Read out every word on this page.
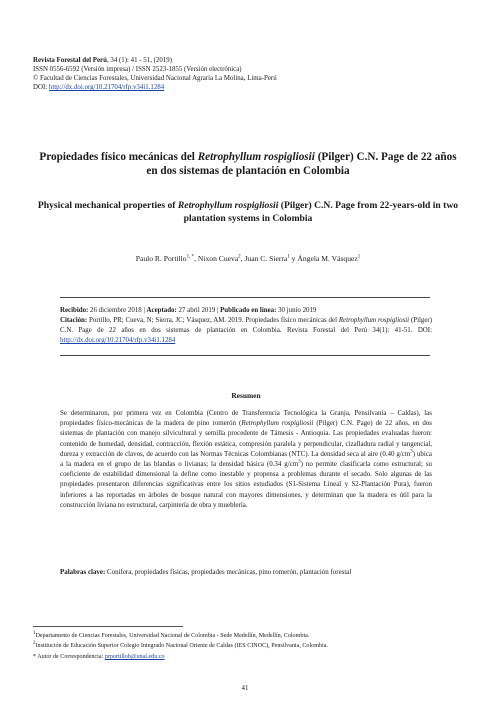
Revista Forestal del Perú, 34 (1): 41 - 51, (2019)
ISSN 0556-6592 (Versión impresa) / ISSN 2523-1855 (Versión electrónica)
© Facultad de Ciencias Forestales, Universidad Nacional Agraria La Molina, Lima-Perú
DOI: http://dx.doi.org/10.21704/rfp.v34i1.1284
Propiedades físico mecánicas del Retrophyllum rospigliosii (Pilger) C.N. Page de 22 años en dos sistemas de plantación en Colombia
Physical mechanical properties of Retrophyllum rospigliosii (Pilger) C.N. Page from 22-years-old in two plantation systems in Colombia
Paulo R. Portillo$^{1, *}$, Nixon Cueva$^2$, Juan C. Sierra$^1$ y Ángela M. Vásquez$^1$
Recibido: 26 diciembre 2018 | Aceptado: 27 abril 2019 | Publicado en línea: 30 junio 2019
Citación: Portillo, PR; Cueva, N; Sierra, JC; Vásquez, AM. 2019. Propiedades físico mecánicas del Retrophyllum rospigliosii (Pilger) C.N. Page de 22 años en dos sistemas de plantación en Colombia. Revista Forestal del Perú 34(1): 41-51. DOI: http://dx.doi.org/10.21704/rfp.v34i1.1284
Resumen
Se determinaron, por primera vez en Colombia (Centro de Transferencia Tecnológica la Granja, Pensilvania – Caldas), las propiedades físico-mecánicas de la madera de pino romerón (Retrophyllum rospigliosii (Pilger) C.N. Page) de 22 años, en dos sistemas de plantación con manejo silvicultural y semilla procedente de Támesis - Antioquia. Las propiedades evaluadas fueron: contenido de humedad, densidad, contracción, flexión estática, compresión paralela y perpendicular, cizalladura radial y tangencial, dureza y extracción de clavos, de acuerdo con las Normas Técnicas Colombianas (NTC). La densidad seca al aire (0.40 $g/cm^3$) ubica a la madera en el grupo de las blandas o livianas; la densidad básica (0.34 $g/cm^3$) no permite clasificarla como estructural; su coeficiente de estabilidad dimensional la define como inestable y propensa a problemas durante el secado. Solo algunas de las propiedades presentaron diferencias significativas entre los sitios estudiados (S1-Sistema Lineal y S2-Plantación Pura), fueron inferiores a las reportadas en árboles de bosque natural con mayores dimensiones, y determinan que la madera es útil para la construcción liviana no estructural, carpintería de obra y mueblería.
Palabras clave: Conífera, propiedades físicas, propiedades mecánicas, pino romerón, plantación forestal
$^1$Departamento de Ciencias Forestales, Universidad Nacional de Colombia - Sede Medellín, Medellín, Colombia.
$^2$Institución de Educación Superior Colegio Integrado Nacional Oriente de Caldas (IES CINOC), Pensilvania, Colombia.
* Autor de Correspondencia: prportillob@unal.edu.co
41
